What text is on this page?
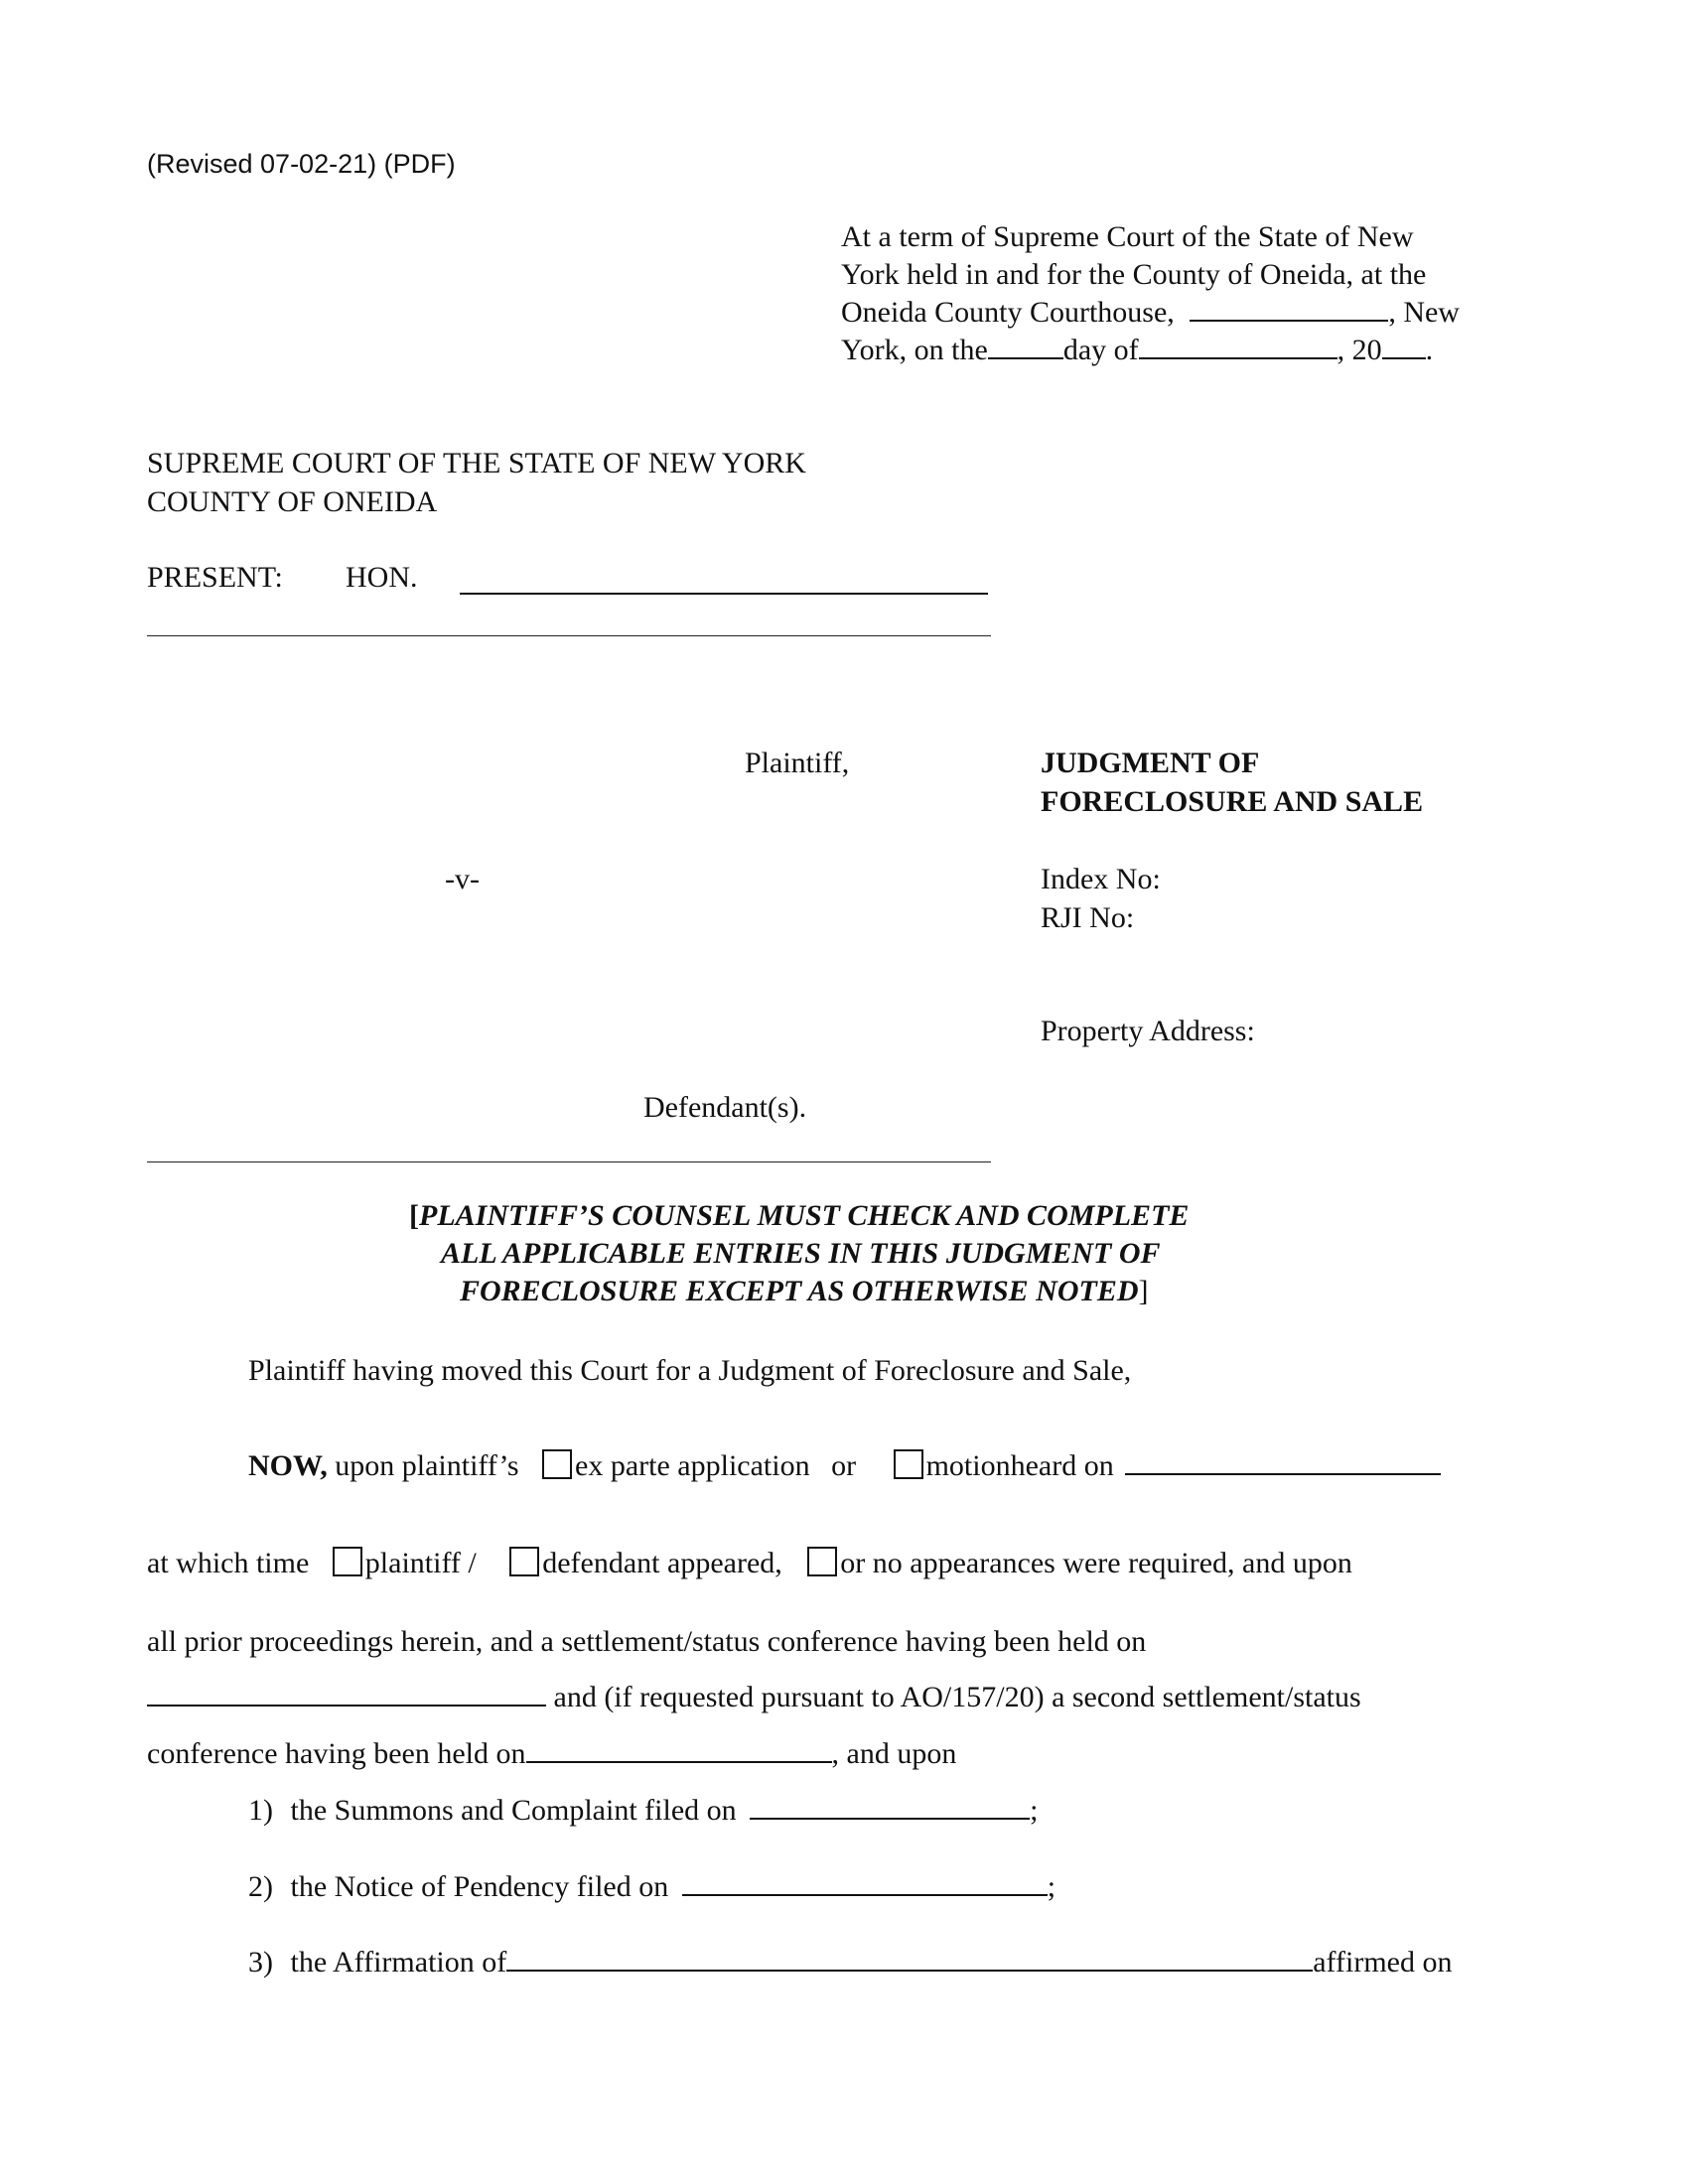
(Revised 07-02-21) (PDF)
At a term of Supreme Court of the State of New
York held in and for the County of Oneida, at the
Oneida County Courthouse,	, New
York, on the	day of	, 20 .
SUPREME COURT OF THE STATE OF NEW YORK
COUNTY OF ONEIDA
PRESENT: HON.
Plaintiff,
-v-
Defendant(s).
JUDGMENT OF
FORECLOSURE AND SALE
Index No:
RJI No:
Property Address:
[PLAINTIFF’S COUNSEL MUST CHECK AND COMPLETE
ALL APPLICABLE ENTRIES IN THIS JUDGMENT OF
FORECLOSURE EXCEPT AS OTHERWISE NOTED]
Plaintiff having moved this Court for a Judgment of Foreclosure and Sale,
NOW, upon plaintiff’s ex parte application or motionheard on
at which time plaintiff / defendant appeared, or no appearances were required, and upon
all prior proceedings herein, and a settlement/status conference having been held on
and (if requested pursuant to AO/157/20) a second settlement/status
conference having been held on	, and upon
1) the Summons and Complaint filed on	;
2) the Notice of Pendency filed on	;
3) the Affirmation of	affirmed on
